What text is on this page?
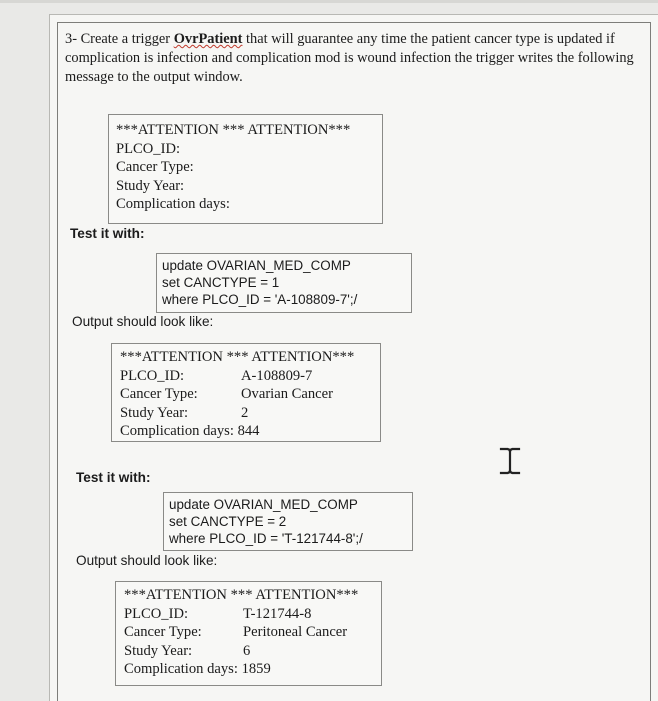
3- Create a trigger OvrPatient that will guarantee any time the patient cancer type is updated if complication is infection and complication mod is wound infection the trigger writes the following message to the output window.
***ATTENTION *** ATTENTION***
PLCO_ID:
Cancer Type:
Study Year:
Complication days:
Test it with:
update OVARIAN_MED_COMP
set CANCTYPE = 1
where PLCO_ID = 'A-108809-7';/
Output should look like:
***ATTENTION *** ATTENTION***
PLCO_ID:	A-108809-7
Cancer Type:	Ovarian Cancer
Study Year:	2
Complication days: 844
Test it with:
update OVARIAN_MED_COMP
set CANCTYPE = 2
where PLCO_ID = 'T-121744-8';/
Output should look like:
***ATTENTION *** ATTENTION***
PLCO_ID:	T-121744-8
Cancer Type:	Peritoneal Cancer
Study Year:	6
Complication days: 1859
